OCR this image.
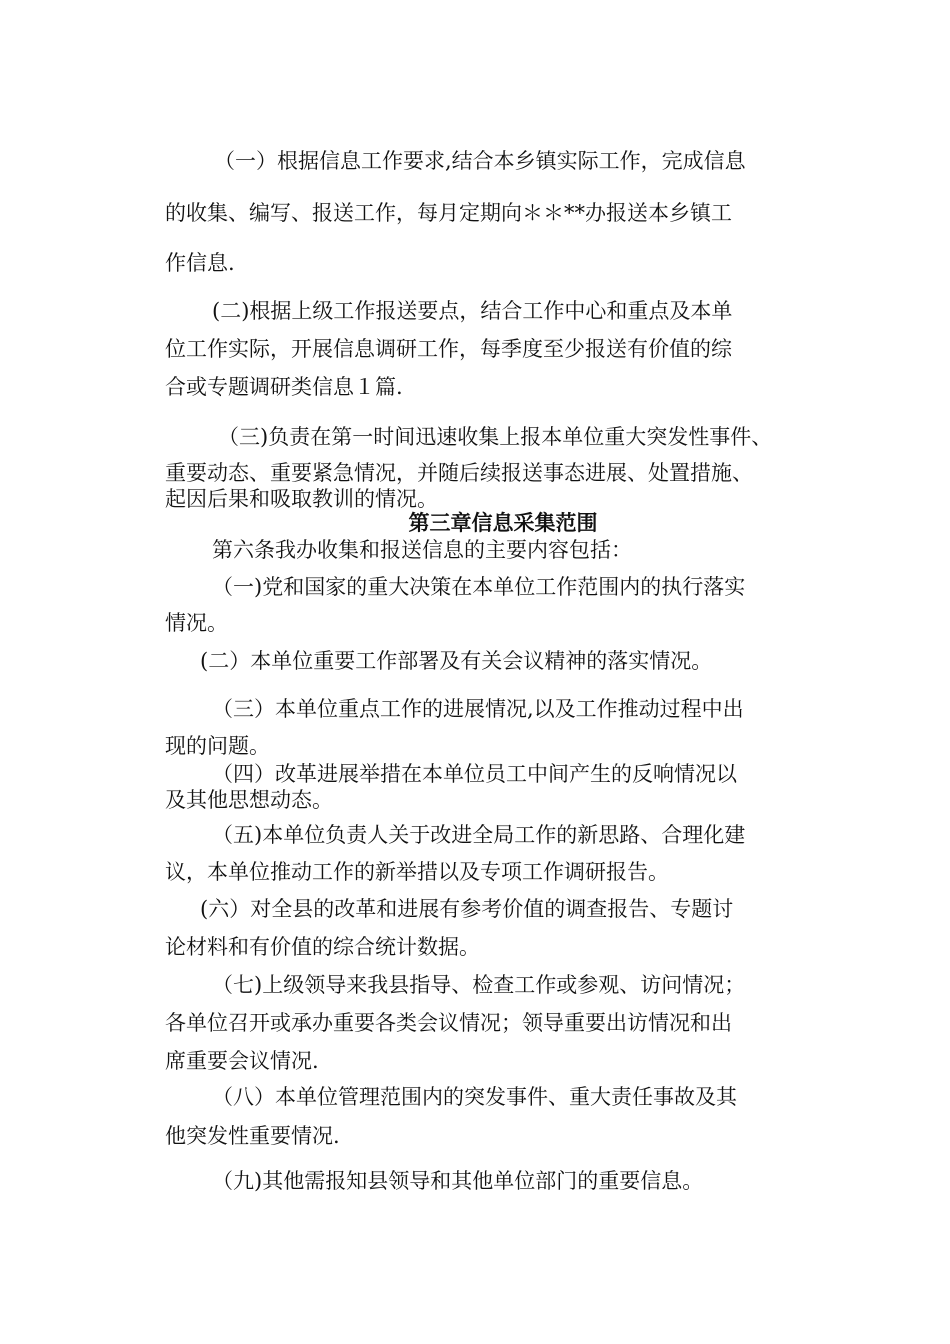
（一）根据信息工作要求,结合本乡镇实际工作，完成信息
的收集、编写、报送工作，每月定期向＊＊**办报送本乡镇工
作信息.
(二)根据上级工作报送要点，结合工作中心和重点及本单
位工作实际，开展信息调研工作，每季度至少报送有价值的综
合或专题调研类信息１篇.
（三)负责在第一时间迅速收集上报本单位重大突发性事件、
重要动态、重要紧急情况，并随后续报送事态进展、处置措施、
起因后果和吸取教训的情况。
第三章信息采集范围
第六条我办收集和报送信息的主要内容包括：
（一)党和国家的重大决策在本单位工作范围内的执行落实
情况。
(二）本单位重要工作部署及有关会议精神的落实情况。
（三）本单位重点工作的进展情况,以及工作推动过程中出
现的问题。
（四）改革进展举措在本单位员工中间产生的反响情况以
及其他思想动态。
（五)本单位负责人关于改进全局工作的新思路、合理化建
议，本单位推动工作的新举措以及专项工作调研报告。
(六）对全县的改革和进展有参考价值的调查报告、专题讨
论材料和有价值的综合统计数据。
（七)上级领导来我县指导、检查工作或参观、访问情况；
各单位召开或承办重要各类会议情况；领导重要出访情况和出
席重要会议情况.
（八）本单位管理范围内的突发事件、重大责任事故及其
他突发性重要情况.
（九)其他需报知县领导和其他单位部门的重要信息。
